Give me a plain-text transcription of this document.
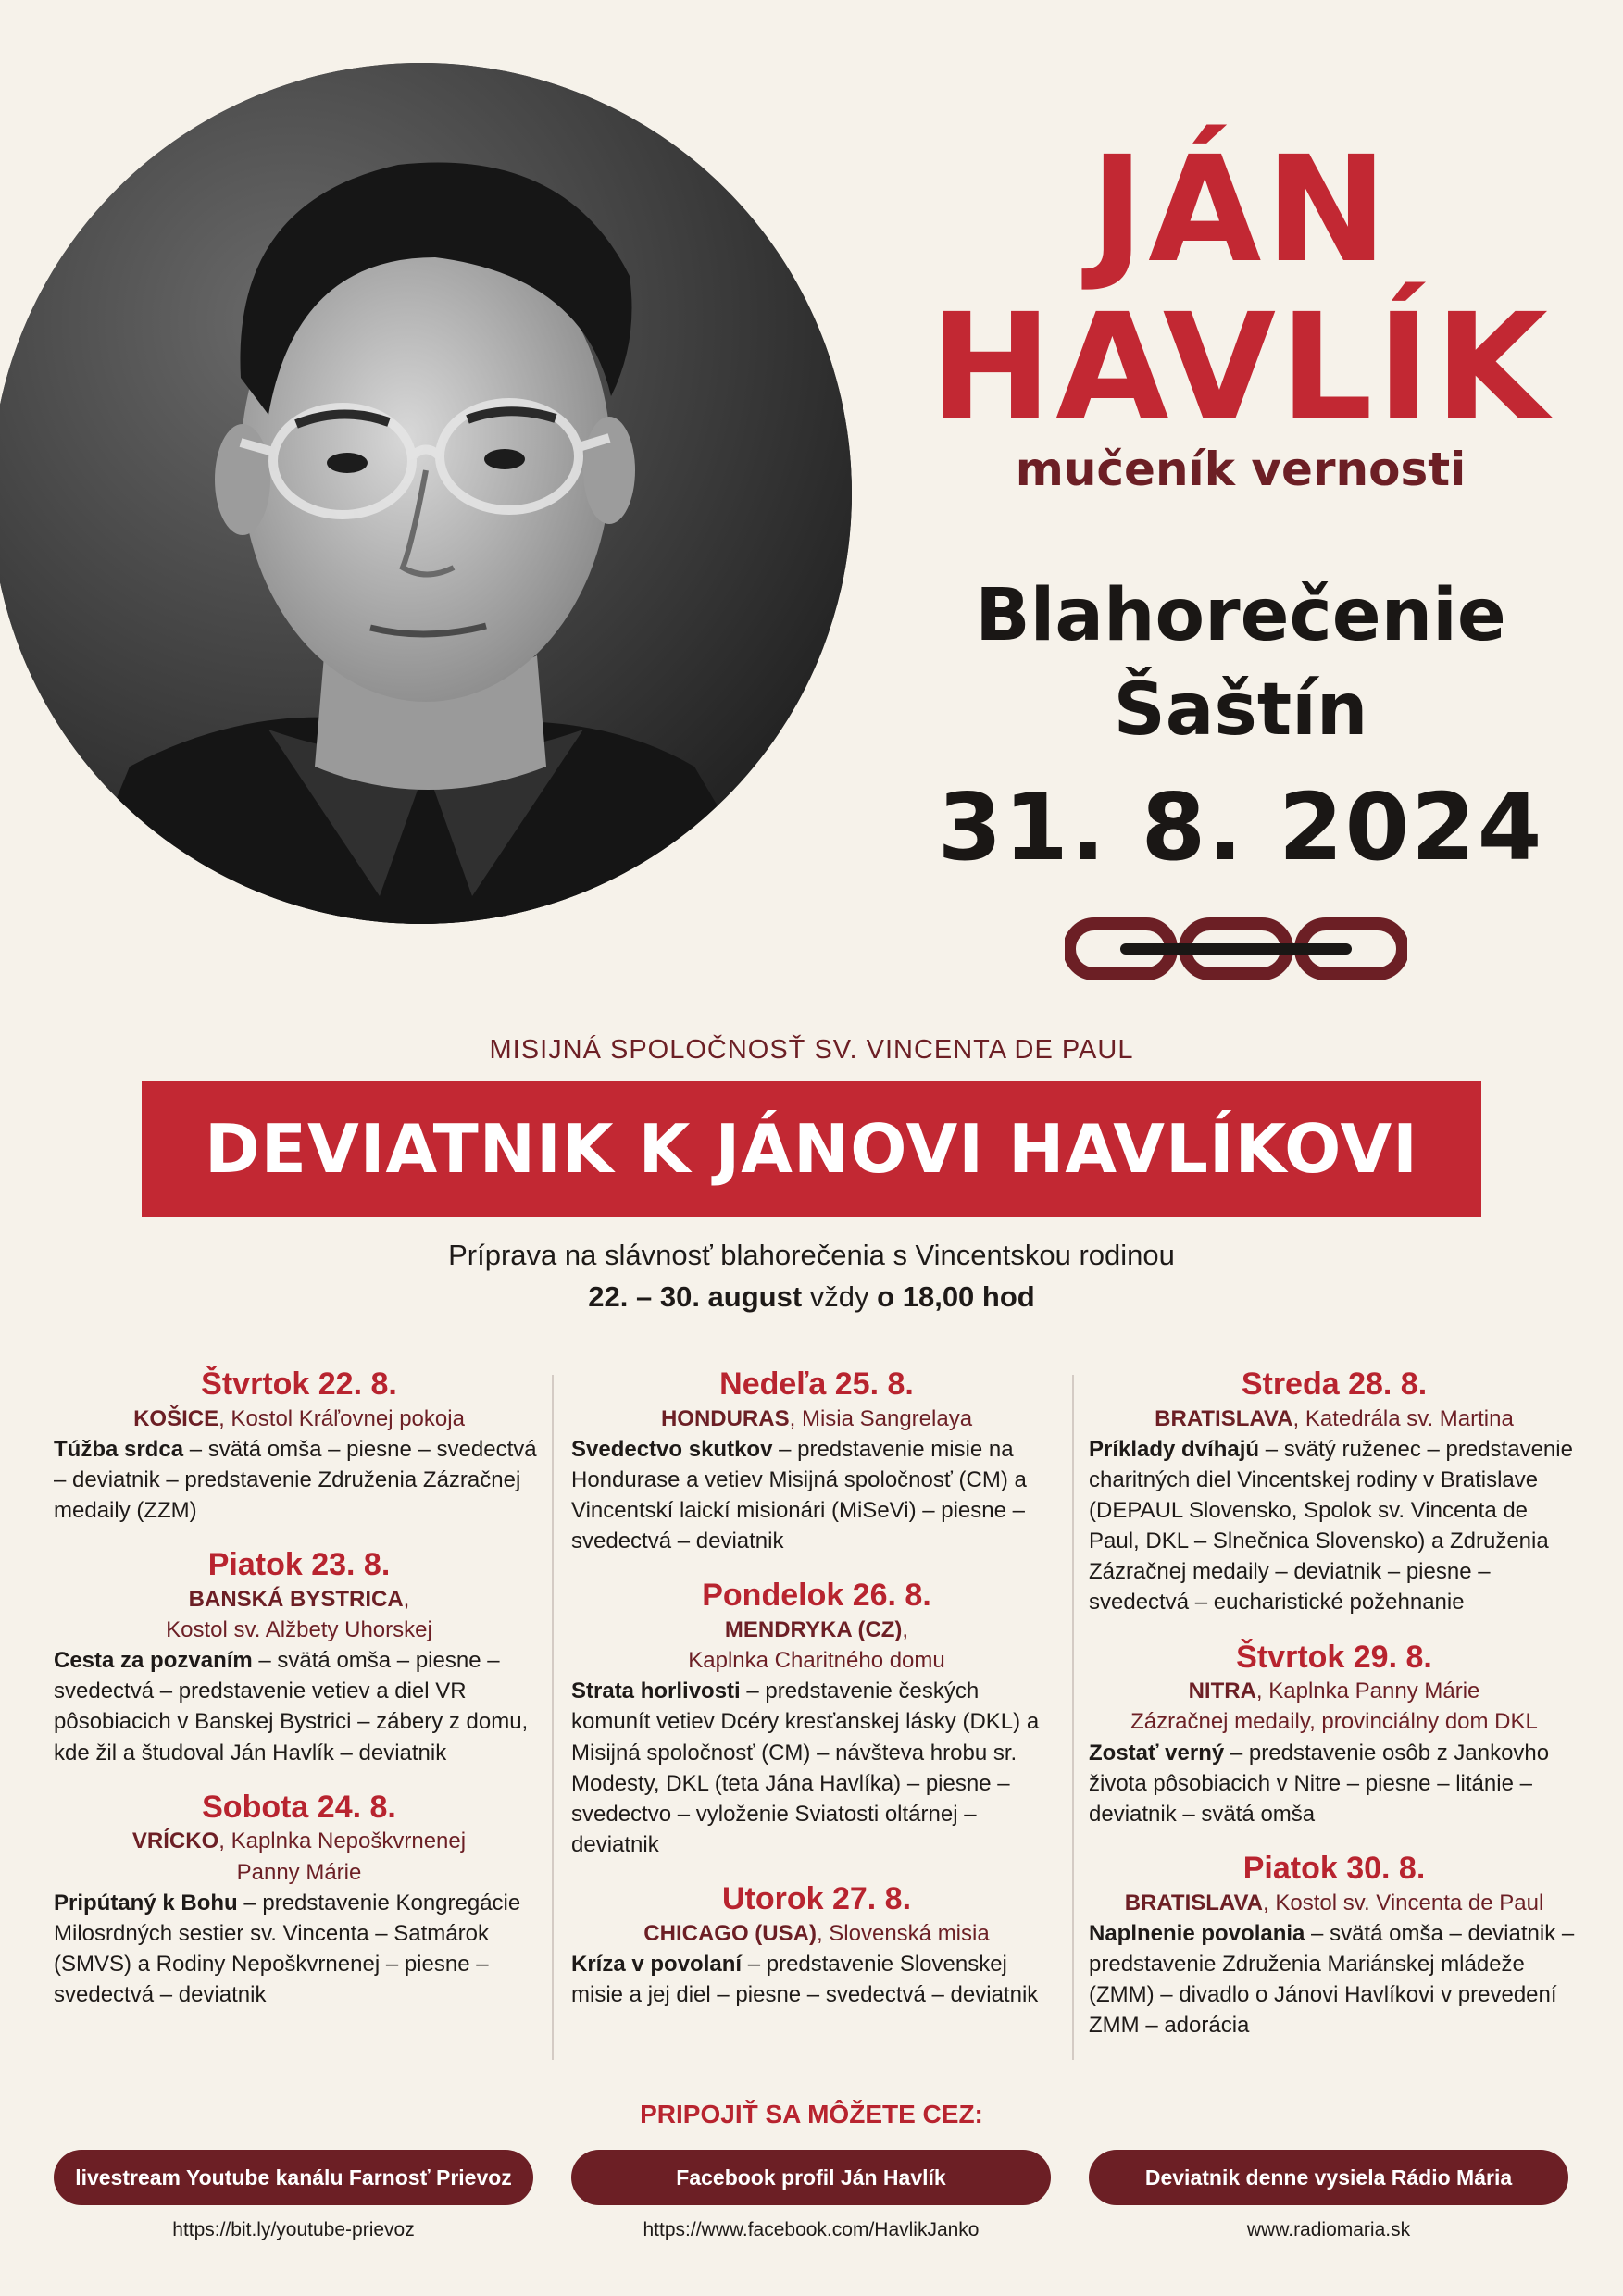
JÁN
HAVLÍK
mučeník vernosti
Blahorečenie
Šaštín
31. 8. 2024
MISIJNÁ SPOLOČNOSŤ SV. VINCENTA DE PAUL
DEVIATNIK K JÁNOVI HAVLÍKOVI
Príprava na slávnosť blahorečenia s Vincentskou rodinou
22. – 30. august vždy o 18,00 hod
Štvrtok 22. 8.
KOŠICE, Kostol Kráľovnej pokoja
Túžba srdca – svätá omša – piesne – svedectvá – deviatnik – predstavenie Združenia Zázračnej medaily (ZZM)
Piatok 23. 8.
BANSKÁ BYSTRICA,
Kostol sv. Alžbety Uhorskej
Cesta za pozvaním – svätá omša – piesne – svedectvá – predstavenie vetiev a diel VR pôsobiacich v Banskej Bystrici – zábery z domu, kde žil a študoval Ján Havlík – deviatnik
Sobota 24. 8.
VRÍCKO, Kaplnka Nepoškvrnenej
Panny Márie
Pripútaný k Bohu – predstavenie Kongregácie Milosrdných sestier sv. Vincenta – Satmárok (SMVS) a Rodiny Nepoškvrnenej – piesne – svedectvá – deviatnik
Nedeľa 25. 8.
HONDURAS, Misia Sangrelaya
Svedectvo skutkov – predstavenie misie na Hondurase a vetiev Misijná spoločnosť (CM) a Vincentskí laickí misionári (MiSeVi) – piesne – svedectvá – deviatnik
Pondelok 26. 8.
MENDRYKA (CZ),
Kaplnka Charitného domu
Strata horlivosti – predstavenie českých komunít vetiev Dcéry kresťanskej lásky (DKL) a Misijná spoločnosť (CM) – návšteva hrobu sr. Modesty, DKL (teta Jána Havlíka) – piesne – svedectvo – vyloženie Sviatosti oltárnej – deviatnik
Utorok 27. 8.
CHICAGO (USA), Slovenská misia
Kríza v povolaní – predstavenie Slovenskej misie a jej diel – piesne – svedectvá – deviatnik
Streda 28. 8.
BRATISLAVA, Katedrála sv. Martina
Príklady dvíhajú – svätý ruženec – predstavenie charitných diel Vincentskej rodiny v Bratislave (DEPAUL Slovensko, Spolok sv. Vincenta de Paul, DKL – Slnečnica Slovensko) a Združenia Zázračnej medaily – deviatnik – piesne – svedectvá – eucharistické požehnanie
Štvrtok 29. 8.
NITRA, Kaplnka Panny Márie
Zázračnej medaily, provinciálny dom DKL
Zostať verný – predstavenie osôb z Jankovho života pôsobiacich v Nitre – piesne – litánie – deviatnik – svätá omša
Piatok 30. 8.
BRATISLAVA, Kostol sv. Vincenta de Paul
Naplnenie povolania – svätá omša – deviatnik – predstavenie Združenia Mariánskej mládeže (ZMM) – divadlo o Jánovi Havlíkovi v prevedení ZMM – adorácia
PRIPOJIŤ SA MÔŽETE CEZ:
livestream Youtube kanálu Farnosť Prievoz	Facebook profil Ján Havlík	Deviatnik denne vysiela Rádio Mária
https://bit.ly/youtube-prievoz	https://www.facebook.com/HavlikJanko	www.radiomaria.sk
